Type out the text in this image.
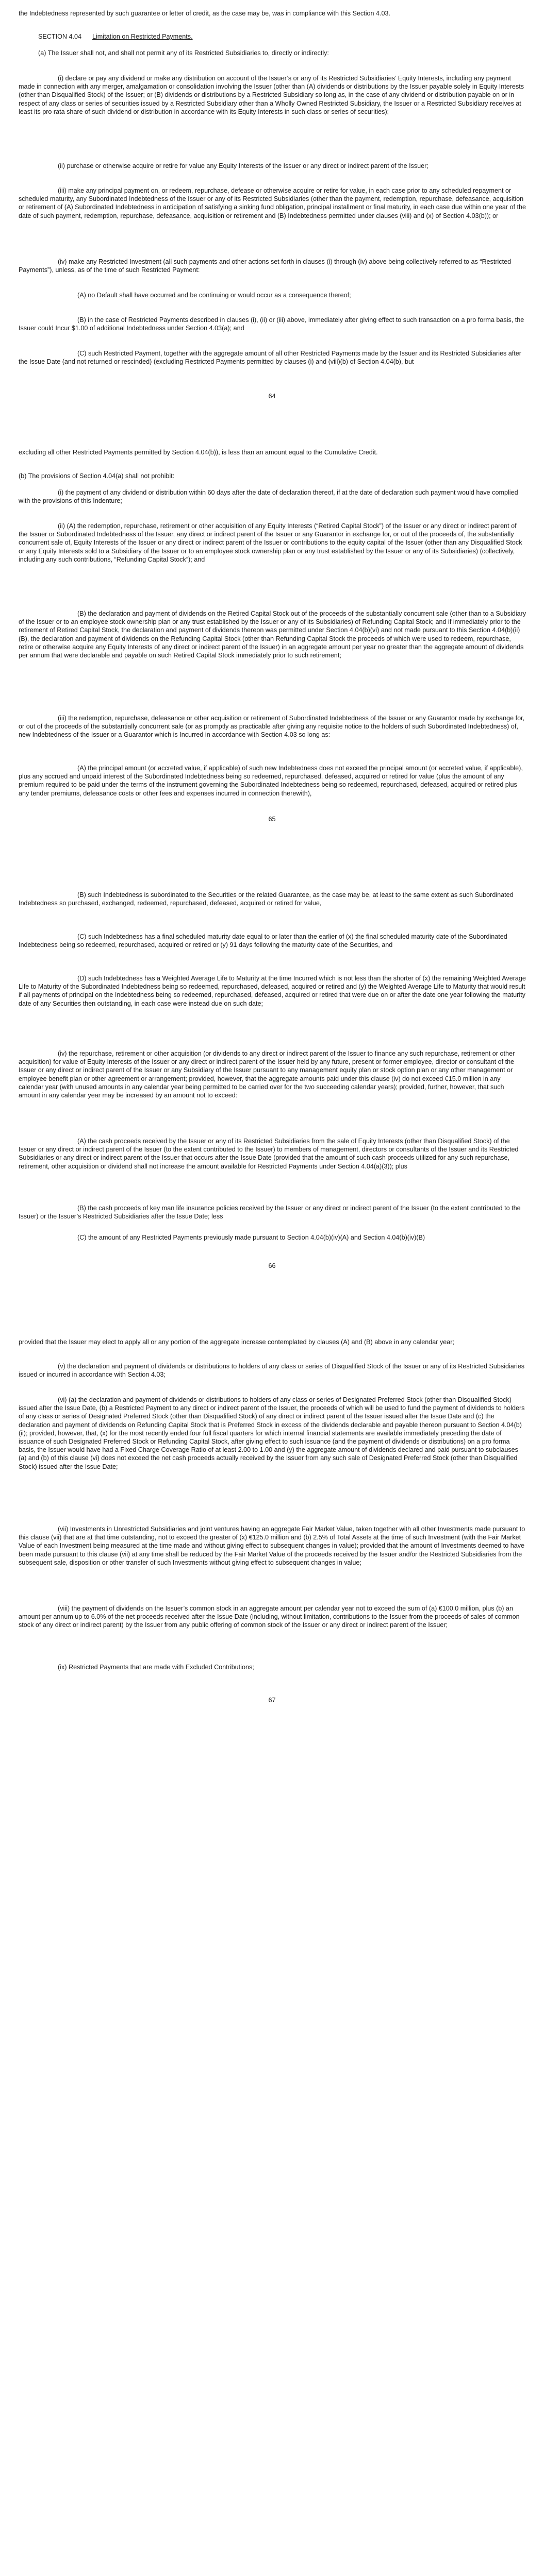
the Indebtedness represented by such guarantee or letter of credit, as the case may be, was in compliance with this Section 4.03.

SECTION 4.04 Limitation on Restricted Payments.

(a) The Issuer shall not, and shall not permit any of its Restricted Subsidiaries to, directly or indirectly:

(i) declare or pay any dividend or make any distribution on account of the Issuer’s or any of its Restricted Subsidiaries’ Equity Interests, including any payment made in connection with any merger, amalgamation or consolidation involving the Issuer (other than (A) dividends or distributions by the Issuer payable solely in Equity Interests (other than Disqualified Stock) of the Issuer; or (B) dividends or distributions by a Restricted Subsidiary so long as, in the case of any dividend or distribution payable on or in respect of any class or series of securities issued by a Restricted Subsidiary other than a Wholly Owned Restricted Subsidiary, the Issuer or a Restricted Subsidiary receives at least its pro rata share of such dividend or distribution in accordance with its Equity Interests in such class or series of securities);

(ii) purchase or otherwise acquire or retire for value any Equity Interests of the Issuer or any direct or indirect parent of the Issuer;

(iii) make any principal payment on, or redeem, repurchase, defease or otherwise acquire or retire for value, in each case prior to any scheduled repayment or scheduled maturity, any Subordinated Indebtedness of the Issuer or any of its Restricted Subsidiaries (other than the payment, redemption, repurchase, defeasance, acquisition or retirement of (A) Subordinated Indebtedness in anticipation of satisfying a sinking fund obligation, principal installment or final maturity, in each case due within one year of the date of such payment, redemption, repurchase, defeasance, acquisition or retirement and (B) Indebtedness permitted under clauses (viii) and (x) of Section 4.03(b)); or

(iv) make any Restricted Investment (all such payments and other actions set forth in clauses (i) through (iv) above being collectively referred to as “Restricted Payments”), unless, as of the time of such Restricted Payment:

(A) no Default shall have occurred and be continuing or would occur as a consequence thereof;

(B) in the case of Restricted Payments described in clauses (i), (ii) or (iii) above, immediately after giving effect to such transaction on a pro forma basis, the Issuer could Incur $1.00 of additional Indebtedness under Section 4.03(a); and

(C) such Restricted Payment, together with the aggregate amount of all other Restricted Payments made by the Issuer and its Restricted Subsidiaries after the Issue Date (and not returned or rescinded) (excluding Restricted Payments permitted by clauses (i) and (viii)(b) of Section 4.04(b), but

64

excluding all other Restricted Payments permitted by Section 4.04(b)), is less than an amount equal to the Cumulative Credit.

(b) The provisions of Section 4.04(a) shall not prohibit:

(i) the payment of any dividend or distribution within 60 days after the date of declaration thereof, if at the date of declaration such payment would have complied with the provisions of this Indenture;

(ii) (A) the redemption, repurchase, retirement or other acquisition of any Equity Interests (“Retired Capital Stock”) of the Issuer or any direct or indirect parent of the Issuer or Subordinated Indebtedness of the Issuer, any direct or indirect parent of the Issuer or any Guarantor in exchange for, or out of the proceeds of, the substantially concurrent sale of, Equity Interests of the Issuer or any direct or indirect parent of the Issuer or contributions to the equity capital of the Issuer (other than any Disqualified Stock or any Equity Interests sold to a Subsidiary of the Issuer or to an employee stock ownership plan or any trust established by the Issuer or any of its Subsidiaries) (collectively, including any such contributions, “Refunding Capital Stock”); and

(B) the declaration and payment of dividends on the Retired Capital Stock out of the proceeds of the substantially concurrent sale (other than to a Subsidiary of the Issuer or to an employee stock ownership plan or any trust established by the Issuer or any of its Subsidiaries) of Refunding Capital Stock; and if immediately prior to the retirement of Retired Capital Stock, the declaration and payment of dividends thereon was permitted under Section 4.04(b)(vi) and not made pursuant to this Section 4.04(b)(ii)(B), the declaration and payment of dividends on the Refunding Capital Stock (other than Refunding Capital Stock the proceeds of which were used to redeem, repurchase, retire or otherwise acquire any Equity Interests of any direct or indirect parent of the Issuer) in an aggregate amount per year no greater than the aggregate amount of dividends per annum that were declarable and payable on such Retired Capital Stock immediately prior to such retirement;

(iii) the redemption, repurchase, defeasance or other acquisition or retirement of Subordinated Indebtedness of the Issuer or any Guarantor made by exchange for, or out of the proceeds of the substantially concurrent sale (or as promptly as practicable after giving any requisite notice to the holders of such Subordinated Indebtedness) of, new Indebtedness of the Issuer or a Guarantor which is Incurred in accordance with Section 4.03 so long as:

(A) the principal amount (or accreted value, if applicable) of such new Indebtedness does not exceed the principal amount (or accreted value, if applicable), plus any accrued and unpaid interest of the Subordinated Indebtedness being so redeemed, repurchased, defeased, acquired or retired for value (plus the amount of any premium required to be paid under the terms of the instrument governing the Subordinated Indebtedness being so redeemed, repurchased, defeased, acquired or retired plus any tender premiums, defeasance costs or other fees and expenses incurred in connection therewith),

65

(B) such Indebtedness is subordinated to the Securities or the related Guarantee, as the case may be, at least to the same extent as such Subordinated Indebtedness so purchased, exchanged, redeemed, repurchased, defeased, acquired or retired for value,

(C) such Indebtedness has a final scheduled maturity date equal to or later than the earlier of (x) the final scheduled maturity date of the Subordinated Indebtedness being so redeemed, repurchased, acquired or retired or (y) 91 days following the maturity date of the Securities, and

(D) such Indebtedness has a Weighted Average Life to Maturity at the time Incurred which is not less than the shorter of (x) the remaining Weighted Average Life to Maturity of the Subordinated Indebtedness being so redeemed, repurchased, defeased, acquired or retired and (y) the Weighted Average Life to Maturity that would result if all payments of principal on the Indebtedness being so redeemed, repurchased, defeased, acquired or retired that were due on or after the date one year following the maturity date of any Securities then outstanding, in each case were instead due on such date;

(iv) the repurchase, retirement or other acquisition (or dividends to any direct or indirect parent of the Issuer to finance any such repurchase, retirement or other acquisition) for value of Equity Interests of the Issuer or any direct or indirect parent of the Issuer held by any future, present or former employee, director or consultant of the Issuer or any direct or indirect parent of the Issuer or any Subsidiary of the Issuer pursuant to any management equity plan or stock option plan or any other management or employee benefit plan or other agreement or arrangement; provided, however, that the aggregate amounts paid under this clause (iv) do not exceed €15.0 million in any calendar year (with unused amounts in any calendar year being permitted to be carried over for the two succeeding calendar years); provided, further, however, that such amount in any calendar year may be increased by an amount not to exceed:

(A) the cash proceeds received by the Issuer or any of its Restricted Subsidiaries from the sale of Equity Interests (other than Disqualified Stock) of the Issuer or any direct or indirect parent of the Issuer (to the extent contributed to the Issuer) to members of management, directors or consultants of the Issuer and its Restricted Subsidiaries or any direct or indirect parent of the Issuer that occurs after the Issue Date (provided that the amount of such cash proceeds utilized for any such repurchase, retirement, other acquisition or dividend shall not increase the amount available for Restricted Payments under Section 4.04(a)(3)); plus

(B) the cash proceeds of key man life insurance policies received by the Issuer or any direct or indirect parent of the Issuer (to the extent contributed to the Issuer) or the Issuer’s Restricted Subsidiaries after the Issue Date; less

(C) the amount of any Restricted Payments previously made pursuant to Section 4.04(b)(iv)(A) and Section 4.04(b)(iv)(B)

66

provided that the Issuer may elect to apply all or any portion of the aggregate increase contemplated by clauses (A) and (B) above in any calendar year;

(v) the declaration and payment of dividends or distributions to holders of any class or series of Disqualified Stock of the Issuer or any of its Restricted Subsidiaries issued or incurred in accordance with Section 4.03;

(vi) (a) the declaration and payment of dividends or distributions to holders of any class or series of Designated Preferred Stock (other than Disqualified Stock) issued after the Issue Date, (b) a Restricted Payment to any direct or indirect parent of the Issuer, the proceeds of which will be used to fund the payment of dividends to holders of any class or series of Designated Preferred Stock (other than Disqualified Stock) of any direct or indirect parent of the Issuer issued after the Issue Date and (c) the declaration and payment of dividends on Refunding Capital Stock that is Preferred Stock in excess of the dividends declarable and payable thereon pursuant to Section 4.04(b)(ii); provided, however, that, (x) for the most recently ended four full fiscal quarters for which internal financial statements are available immediately preceding the date of issuance of such Designated Preferred Stock or Refunding Capital Stock, after giving effect to such issuance (and the payment of dividends or distributions) on a pro forma basis, the Issuer would have had a Fixed Charge Coverage Ratio of at least 2.00 to 1.00 and (y) the aggregate amount of dividends declared and paid pursuant to subclauses (a) and (b) of this clause (vi) does not exceed the net cash proceeds actually received by the Issuer from any such sale of Designated Preferred Stock (other than Disqualified Stock) issued after the Issue Date;

(vii) Investments in Unrestricted Subsidiaries and joint ventures having an aggregate Fair Market Value, taken together with all other Investments made pursuant to this clause (vii) that are at that time outstanding, not to exceed the greater of (x) €125.0 million and (b) 2.5% of Total Assets at the time of such Investment (with the Fair Market Value of each Investment being measured at the time made and without giving effect to subsequent changes in value); provided that the amount of Investments deemed to have been made pursuant to this clause (vii) at any time shall be reduced by the Fair Market Value of the proceeds received by the Issuer and/or the Restricted Subsidiaries from the subsequent sale, disposition or other transfer of such Investments without giving effect to subsequent changes in value;

(viii) the payment of dividends on the Issuer’s common stock in an aggregate amount per calendar year not to exceed the sum of (a) €100.0 million, plus (b) an amount per annum up to 6.0% of the net proceeds received after the Issue Date (including, without limitation, contributions to the Issuer from the proceeds of sales of common stock of any direct or indirect parent) by the Issuer from any public offering of common stock of the Issuer or any direct or indirect parent of the Issuer;

(ix) Restricted Payments that are made with Excluded Contributions;

67
